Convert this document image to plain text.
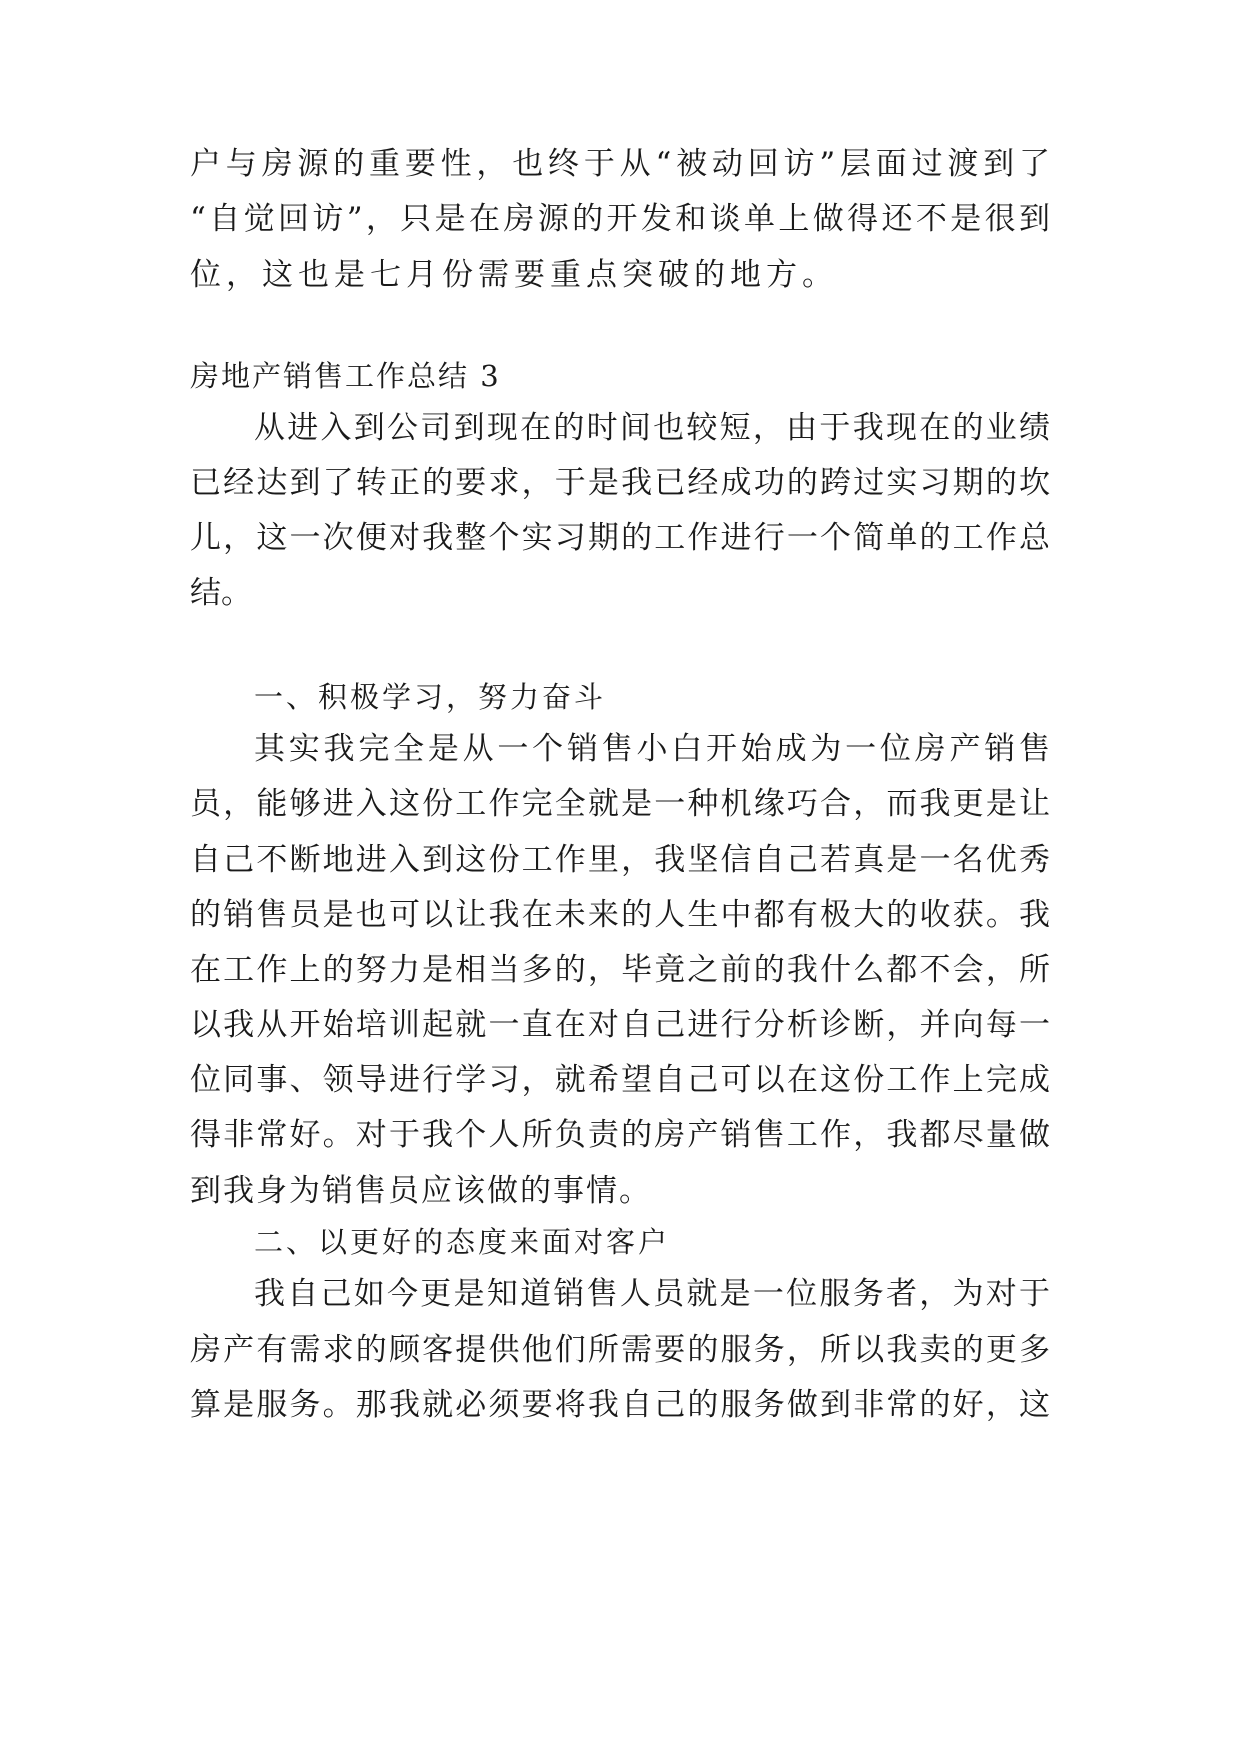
户与房源的重要性，也终于从“被动回访”层面过渡到了
“自觉回访”，只是在房源的开发和谈单上做得还不是很到
位，这也是七月份需要重点突破的地方。
房地产销售工作总结 3
从进入到公司到现在的时间也较短，由于我现在的业绩
已经达到了转正的要求，于是我已经成功的跨过实习期的坎
儿，这一次便对我整个实习期的工作进行一个简单的工作总
结。
一、积极学习，努力奋斗
其实我完全是从一个销售小白开始成为一位房产销售
员，能够进入这份工作完全就是一种机缘巧合，而我更是让
自己不断地进入到这份工作里，我坚信自己若真是一名优秀
的销售员是也可以让我在未来的人生中都有极大的收获。我
在工作上的努力是相当多的，毕竟之前的我什么都不会，所
以我从开始培训起就一直在对自己进行分析诊断，并向每一
位同事、领导进行学习，就希望自己可以在这份工作上完成
得非常好。对于我个人所负责的房产销售工作，我都尽量做
到我身为销售员应该做的事情。
二、以更好的态度来面对客户
我自己如今更是知道销售人员就是一位服务者，为对于
房产有需求的顾客提供他们所需要的服务，所以我卖的更多
算是服务。那我就必须要将我自己的服务做到非常的好，这
